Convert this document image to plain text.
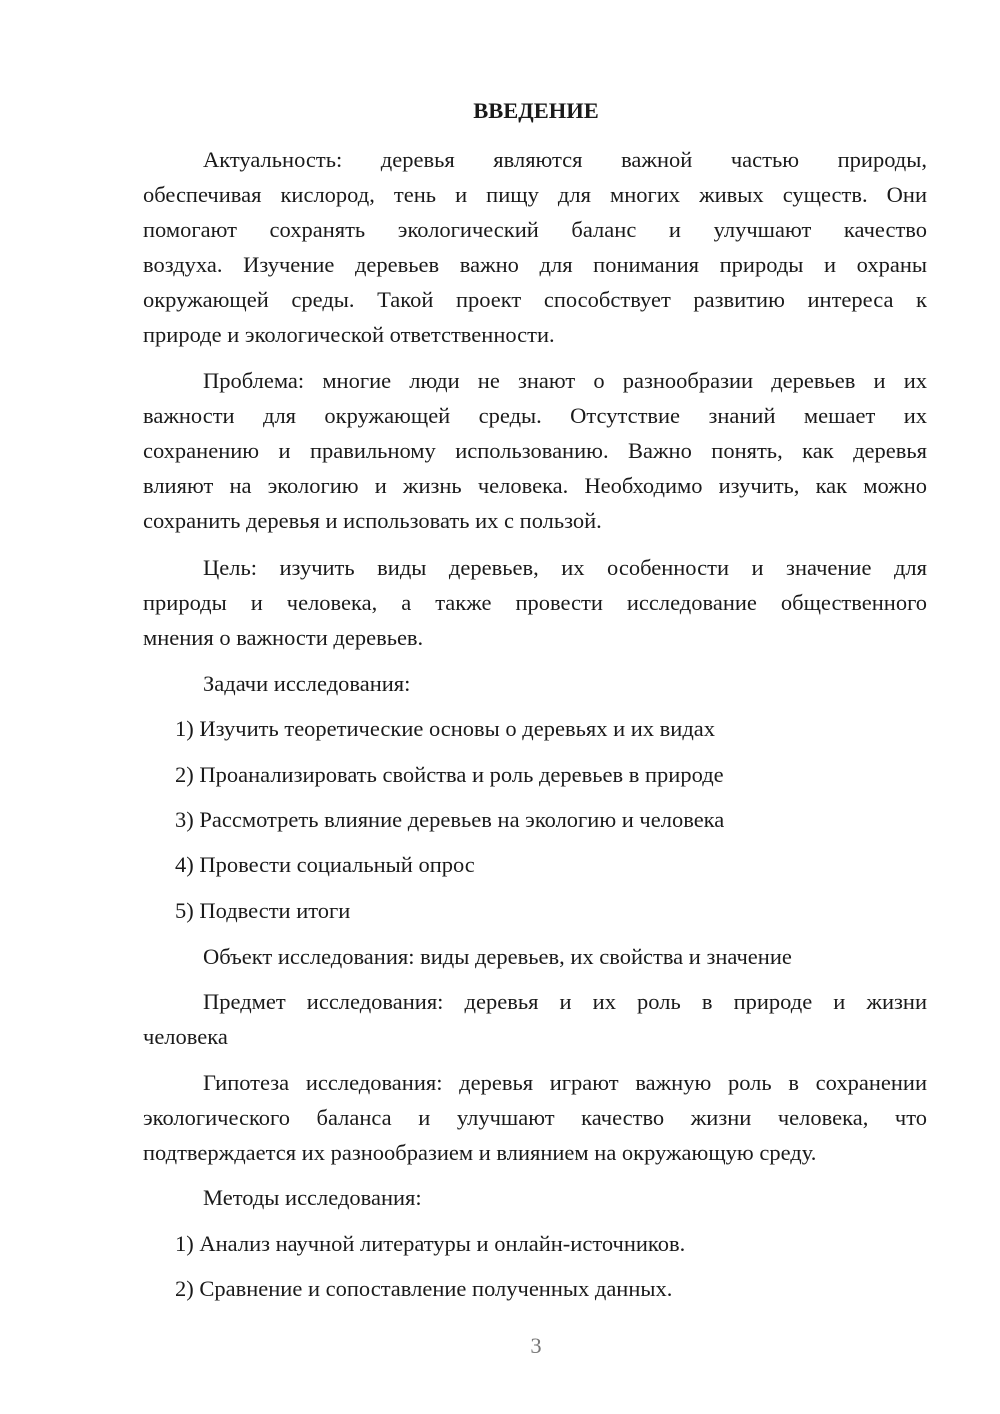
ВВЕДЕНИЕ
Актуальность: деревья являются важной частью природы,
обеспечивая кислород, тень и пищу для многих живых существ. Они
помогают сохранять экологический баланс и улучшают качество
воздуха. Изучение деревьев важно для понимания природы и охраны
окружающей среды. Такой проект способствует развитию интереса к
природе и экологической ответственности.
Проблема: многие люди не знают о разнообразии деревьев и их
важности для окружающей среды. Отсутствие знаний мешает их
сохранению и правильному использованию. Важно понять, как деревья
влияют на экологию и жизнь человека. Необходимо изучить, как можно
сохранить деревья и использовать их с пользой.
Цель: изучить виды деревьев, их особенности и значение для
природы и человека, а также провести исследование общественного
мнения о важности деревьев.
Задачи исследования:
1) Изучить теоретические основы о деревьях и их видах
2) Проанализировать свойства и роль деревьев в природе
3) Рассмотреть влияние деревьев на экологию и человека
4) Провести социальный опрос
5) Подвести итоги
Объект исследования: виды деревьев, их свойства и значение
Предмет исследования: деревья и их роль в природе и жизни
человека
Гипотеза исследования: деревья играют важную роль в сохранении
экологического баланса и улучшают качество жизни человека, что
подтверждается их разнообразием и влиянием на окружающую среду.
Методы исследования:
1) Анализ научной литературы и онлайн-источников.
2) Сравнение и сопоставление полученных данных.
3
